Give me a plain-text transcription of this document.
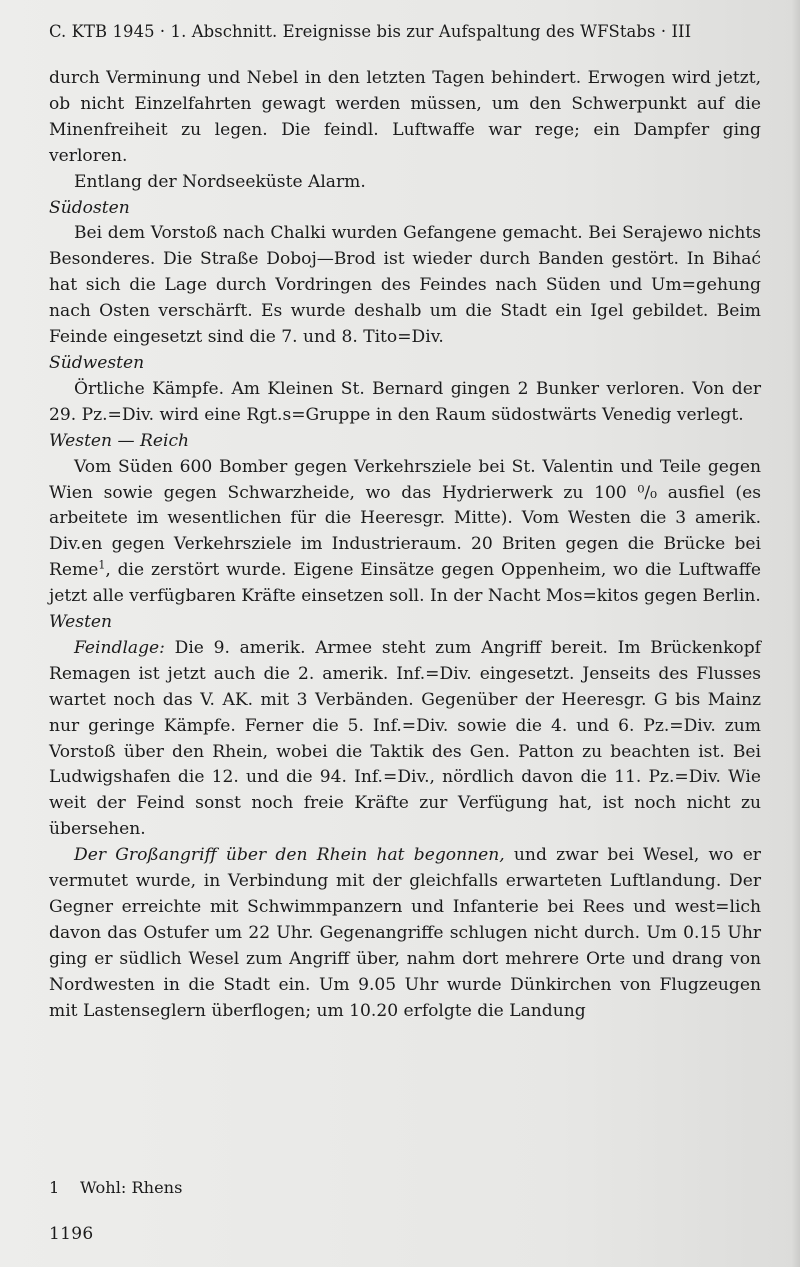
C. KTB 1945 · 1. Abschnitt. Ereignisse bis zur Aufspaltung des WFStabs · III

durch Verminung und Nebel in den letzten Tagen behindert. Erwogen wird jetzt, ob nicht Einzelfahrten gewagt werden müssen, um den Schwerpunkt auf die Minenfreiheit zu legen. Die feindl. Luftwaffe war rege; ein Dampfer ging verloren.

Entlang der Nordseeküste Alarm.

Südosten

Bei dem Vorstoß nach Chalki wurden Gefangene gemacht. Bei Serajewo nichts Besonderes. Die Straße Doboj—Brod ist wieder durch Banden gestört. In Bihać hat sich die Lage durch Vordringen des Feindes nach Süden und Um=gehung nach Osten verschärft. Es wurde deshalb um die Stadt ein Igel gebildet. Beim Feinde eingesetzt sind die 7. und 8. Tito=Div.

Südwesten

Örtliche Kämpfe. Am Kleinen St. Bernard gingen 2 Bunker verloren. Von der 29. Pz.=Div. wird eine Rgt.s=Gruppe in den Raum südostwärts Venedig verlegt.

Westen — Reich

Vom Süden 600 Bomber gegen Verkehrsziele bei St. Valentin und Teile gegen Wien sowie gegen Schwarzheide, wo das Hydrierwerk zu 100 ⁰/₀ ausfiel (es arbeitete im wesentlichen für die Heeresgr. Mitte). Vom Westen die 3 amerik. Div.en gegen Verkehrsziele im Industrieraum. 20 Briten gegen die Brücke bei Reme$^1$, die zerstört wurde. Eigene Einsätze gegen Oppenheim, wo die Luftwaffe jetzt alle verfügbaren Kräfte einsetzen soll. In der Nacht Mos=kitos gegen Berlin.

Westen

Feindlage: Die 9. amerik. Armee steht zum Angriff bereit. Im Brückenkopf Remagen ist jetzt auch die 2. amerik. Inf.=Div. eingesetzt. Jenseits des Flusses wartet noch das V. AK. mit 3 Verbänden. Gegenüber der Heeresgr. G bis Mainz nur geringe Kämpfe. Ferner die 5. Inf.=Div. sowie die 4. und 6. Pz.=Div. zum Vorstoß über den Rhein, wobei die Taktik des Gen. Patton zu beachten ist. Bei Ludwigshafen die 12. und die 94. Inf.=Div., nördlich davon die 11. Pz.=Div. Wie weit der Feind sonst noch freie Kräfte zur Verfügung hat, ist noch nicht zu übersehen.

Der Großangriff über den Rhein hat begonnen, und zwar bei Wesel, wo er vermutet wurde, in Verbindung mit der gleichfalls erwarteten Luftlandung. Der Gegner erreichte mit Schwimmpanzern und Infanterie bei Rees und west=lich davon das Ostufer um 22 Uhr. Gegenangriffe schlugen nicht durch. Um 0.15 Uhr ging er südlich Wesel zum Angriff über, nahm dort mehrere Orte und drang von Nordwesten in die Stadt ein. Um 9.05 Uhr wurde Dünkirchen von Flugzeugen mit Lastenseglern überflogen; um 10.20 erfolgte die Landung

1 Wohl: Rhens
1196
